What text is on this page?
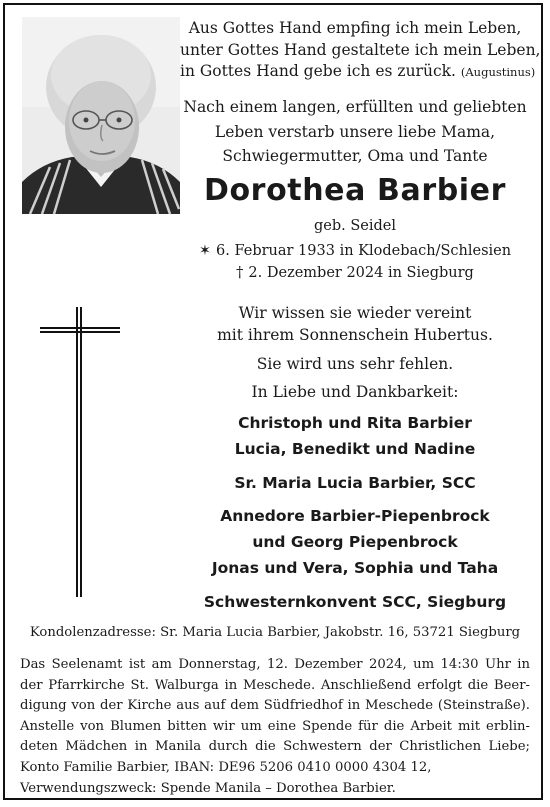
Aus Gottes Hand empfing ich mein Leben,
unter Gottes Hand gestaltete ich mein Leben,
in Gottes Hand gebe ich es zurück. (Augustinus)
Nach einem langen, erfüllten und geliebten
Leben verstarb unsere liebe Mama,
Schwiegermutter, Oma und Tante
Dorothea Barbier
geb. Seidel
✶ 6. Februar 1933 in Klodebach/Schlesien
† 2. Dezember 2024 in Siegburg
Wir wissen sie wieder vereint
mit ihrem Sonnenschein Hubertus.
Sie wird uns sehr fehlen.
In Liebe und Dankbarkeit:
Christoph und Rita Barbier
Lucia, Benedikt und Nadine
Sr. Maria Lucia Barbier, SCC
Annedore Barbier-Piepenbrock
und Georg Piepenbrock
Jonas und Vera, Sophia und Taha
Schwesternkonvent SCC, Siegburg
Kondolenzadresse: Sr. Maria Lucia Barbier, Jakobstr. 16, 53721 Siegburg
Das Seelenamt ist am Donnerstag, 12. Dezember 2024, um 14:30 Uhr in
der Pfarrkirche St. Walburga in Meschede. Anschließend erfolgt die Beer-
digung von der Kirche aus auf dem Südfriedhof in Meschede (Steinstraße).
Anstelle von Blumen bitten wir um eine Spende für die Arbeit mit erblin-
deten Mädchen in Manila durch die Schwestern der Christlichen Liebe;
Konto Familie Barbier, IBAN: DE96 5206 0410 0000 4304 12,
Verwendungszweck: Spende Manila – Dorothea Barbier.
